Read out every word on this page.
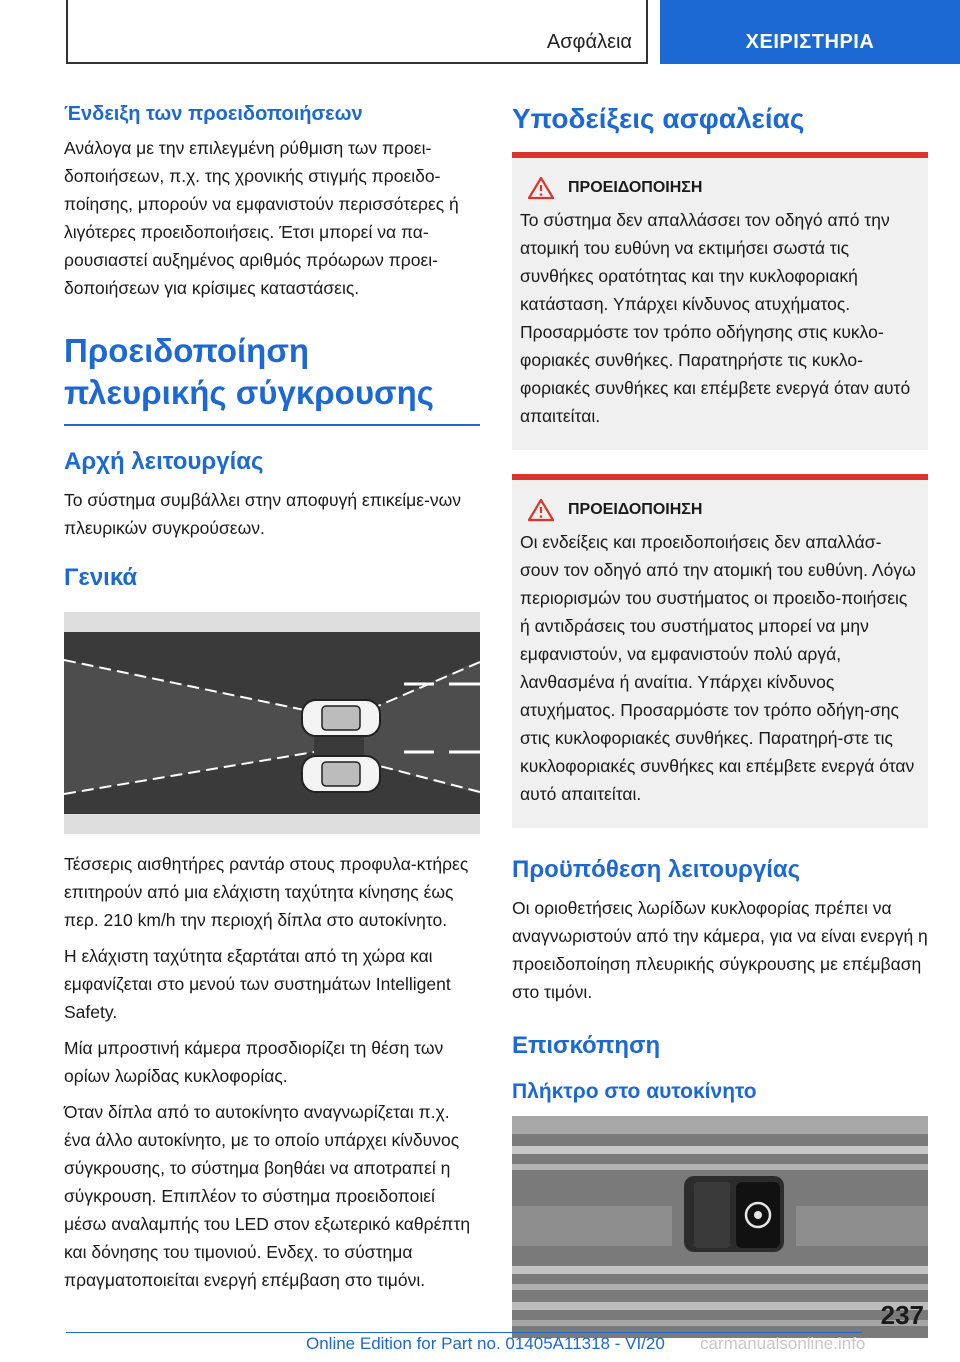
Ασφάλεια	ΧΕΙΡΙΣΤΗΡΙΑ
Ένδειξη των προειδοποιήσεων

Ανάλογα με την επιλεγμένη ρύθμιση των προει-δοποιήσεων, π.χ. της χρονικής στιγμής προειδο-ποίησης, μπορούν να εμφανιστούν περισσότερες ή λιγότερες προειδοποιήσεις. Έτσι μπορεί να πα-ρουσιαστεί αυξημένος αριθμός πρόωρων προει-δοποιήσεων για κρίσιμες καταστάσεις.

Προειδοποίηση πλευρικής σύγκρουσης
Αρχή λειτουργίας

Το σύστημα συμβάλλει στην αποφυγή επικείμε-νων πλευρικών συγκρούσεων.

Γενικά

Τέσσερις αισθητήρες ραντάρ στους προφυλα-κτήρες επιτηρούν από μια ελάχιστη ταχύτητα κίνησης έως περ. 210 km/h την περιοχή δίπλα στο αυτοκίνητο.

Η ελάχιστη ταχύτητα εξαρτάται από τη χώρα και εμφανίζεται στο μενού των συστημάτων Intelligent Safety.

Μία μπροστινή κάμερα προσδιορίζει τη θέση των ορίων λωρίδας κυκλοφορίας.

Όταν δίπλα από το αυτοκίνητο αναγνωρίζεται π.χ. ένα άλλο αυτοκίνητο, με το οποίο υπάρχει κίνδυνος σύγκρουσης, το σύστημα βοηθάει να αποτραπεί η σύγκρουση. Επιπλέον το σύστημα προειδοποιεί μέσω αναλαμπής του LED στον εξωτερικό καθρέπτη και δόνησης του τιμονιού. Ενδεχ. το σύστημα πραγματοποιείται ενεργή επέμβαση στο τιμόνι.

Υποδείξεις ασφαλείας
ΠΡΟΕΙΔΟΠΟΙΗΣΗ

Το σύστημα δεν απαλλάσσει τον οδηγό από την ατομική του ευθύνη να εκτιμήσει σωστά τις συνθήκες ορατότητας και την κυκλοφοριακή κατάσταση. Υπάρχει κίνδυνος ατυχήματος. Προσαρμόστε τον τρόπο οδήγησης στις κυκλο-φοριακές συνθήκες. Παρατηρήστε τις κυκλο-φοριακές συνθήκες και επέμβετε ενεργά όταν αυτό απαιτείται.

ΠΡΟΕΙΔΟΠΟΙΗΣΗ

Οι ενδείξεις και προειδοποιήσεις δεν απαλλάσ-σουν τον οδηγό από την ατομική του ευθύνη. Λόγω περιορισμών του συστήματος οι προειδο-ποιήσεις ή αντιδράσεις του συστήματος μπορεί να μην εμφανιστούν, να εμφανιστούν πολύ αργά, λανθασμένα ή αναίτια. Υπάρχει κίνδυνος ατυχήματος. Προσαρμόστε τον τρόπο οδήγη-σης στις κυκλοφοριακές συνθήκες. Παρατηρή-στε τις κυκλοφοριακές συνθήκες και επέμβετε ενεργά όταν αυτό απαιτείται.

Προϋπόθεση λειτουργίας

Οι οριοθετήσεις λωρίδων κυκλοφορίας πρέπει να αναγνωριστούν από την κάμερα, για να είναι ενεργή η προειδοποίηση πλευρικής σύγκρουσης με επέμβαση στο τιμόνι.

Επισκόπηση
Πλήκτρο στο αυτοκίνητο
237
Online Edition for Part no. 01405A11318 - VI/20 carmanualsonline.info
